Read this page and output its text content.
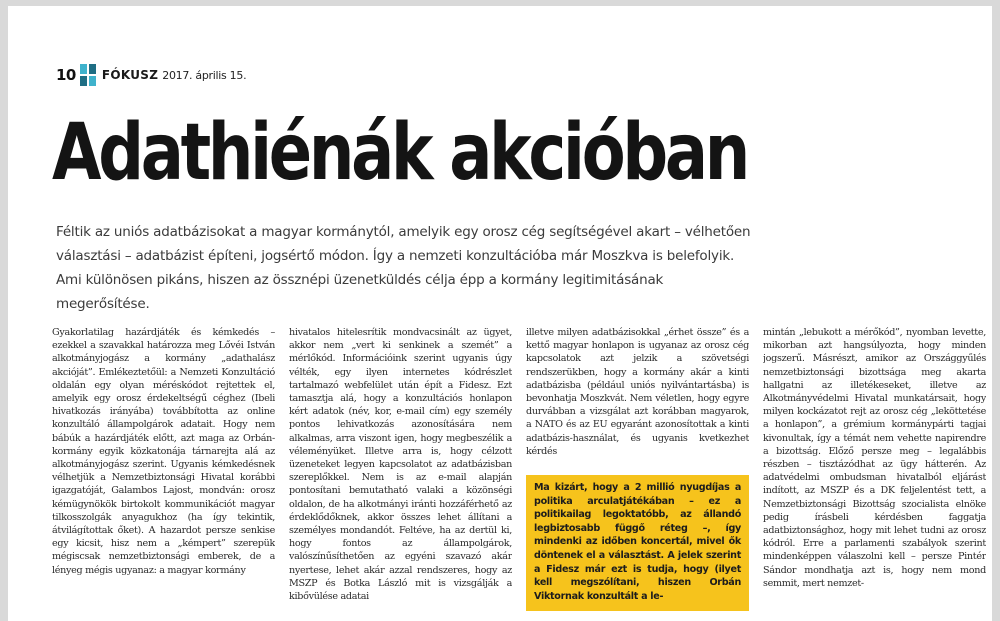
10 FÓKUSZ 2017. április 15.
Adathiénák akcióban

Féltik az uniós adatbázisokat a magyar kormánytól, amelyik egy orosz cég segítségével akart – vélhetően választási – adatbázist építeni, jogsértő módon. Így a nemzeti konzultációba már Moszkva is belefolyik. Ami különösen pikáns, hiszen az össznépi üzenetküldés célja épp a kormány legitimitásának megerősítése.

Gyakorlatilag hazárdjáték és kémkedés – ezekkel a szavakkal határozza meg Lővéi István alkotmányjogász a kormány „adathalász akcióját”. Emlékeztetőül: a Nemzeti Konzultáció oldalán egy olyan méréskódot rejtettek el, amelyik egy orosz érdekeltségű céghez (Ibeli hivatkozás irányába) továbbította az online konzultáló állampolgárok adatait. Hogy nem bábúk a hazárdjáték előtt, azt maga az Orbán-kormány egyik közkatonája tárnarejta alá az alkotmányjogász szerint. Ugyanis kémkedésnek vélhetjük a Nemzetbiztonsági Hivatal korábbi igazgatóját, Galambos Lajost, mondván: orosz kémügynökök birtokolt kommunikációt magyar tilkosszolgák anyagukhoz (ha így tekintik, átvilágítottak őket). A hazardot persze senkise egy kicsit, hisz nem a „kémpert” szerepük mégiscsak nemzetbiztonsági emberek, de a lényeg mégis ugyanaz: a magyar kormány

hivatalos hitelesrítik mondvacsinált az ügyet, akkor nem „vert ki senkinek a szemét” a mérlőkód. Információink szerint ugyanis úgy vélték, egy ilyen internetes kódrészlet tartalmazó webfelület után épít a Fidesz. Ezt tamasztja alá, hogy a konzultációs honlapon kért adatok (név, kor, e-mail cím) egy személy pontos lehivatkozás azonosítására nem alkalmas, arra viszont igen, hogy megbeszélik a véleményüket. Illetve arra is, hogy célzott üzeneteket legyen kapcsolatot az adatbázisban szereplőkkel. Nem is az e-mail alapján pontosítani bemutatható valaki a közönségi oldalon, de ha alkotmányi iránti hozzáférhető az érdeklődőknek, akkor összes lehet állítani a személyes mondandót. Feltéve, ha az dertül ki, hogy fontos az állampolgárok, valószínűsíthetően az egyéni szavazó akár nyertese, lehet akár azzal rendszeres, hogy az MSZP és Botka László mit is vizsgálják a kibővülése adatai

illetve milyen adatbázisokkal „érhet össze” és a kettő magyar honlapon is ugyanaz az orosz cég kapcsolatok azt jelzik a szövetségi rendszerükben, hogy a kormány akár a kinti adatbázisba (például uniós nyilvántartásba) is bevonhatja Moszkvát. Nem véletlen, hogy egyre durvábban a vizsgálat azt korábban magyarok, a NATO és az EU egyaránt azonosítottak a kinti adatbázis-használat, és ugyanis kvetkezhet kérdés

Ma kizárt, hogy a 2 millió nyugdíjas a politika arculatjátékában – ez a politikailag legoktatóbb, az állandó legbiztosabb függő réteg –, így mindenki az időben koncertál, mivel ők döntenek el a választást. A jelek szerint a Fidesz már ezt is tudja, hogy (ilyet kell megszólítani, hiszen Orbán Viktornak konzultált a le-

mintán „lebukott a mérőkód”, nyomban levette, mikorban azt hangsúlyozta, hogy minden jogszerű. Másrészt, amikor az Országgyűlés nemzetbiztonsági bizottsága meg akarta hallgatni az illetékeseket, illetve az Alkotmányvédelmi Hivatal munkatársait, hogy milyen kockázatot rejt az orosz cég „leköttetése a honlapon”, a grémium kormánypárti tagjai kivonultak, így a témát nem vehette napirendre a bizottság. Előző persze meg – legalábbis részben – tisztázódhat az ügy hátterén. Az adatvédelmi ombudsman hivatalból eljárást indított, az MSZP és a DK feljelentést tett, a Nemzetbiztonsági Bizottság szocialista elnöke pedig írásbeli kérdésben faggatja adatbiztonsághoz, hogy mit lehet tudni az orosz kódról. Erre a parlamenti szabályok szerint mindenképpen válaszolni kell – persze Pintér Sándor mondhatja azt is, hogy nem mond semmit, mert nemzet-
